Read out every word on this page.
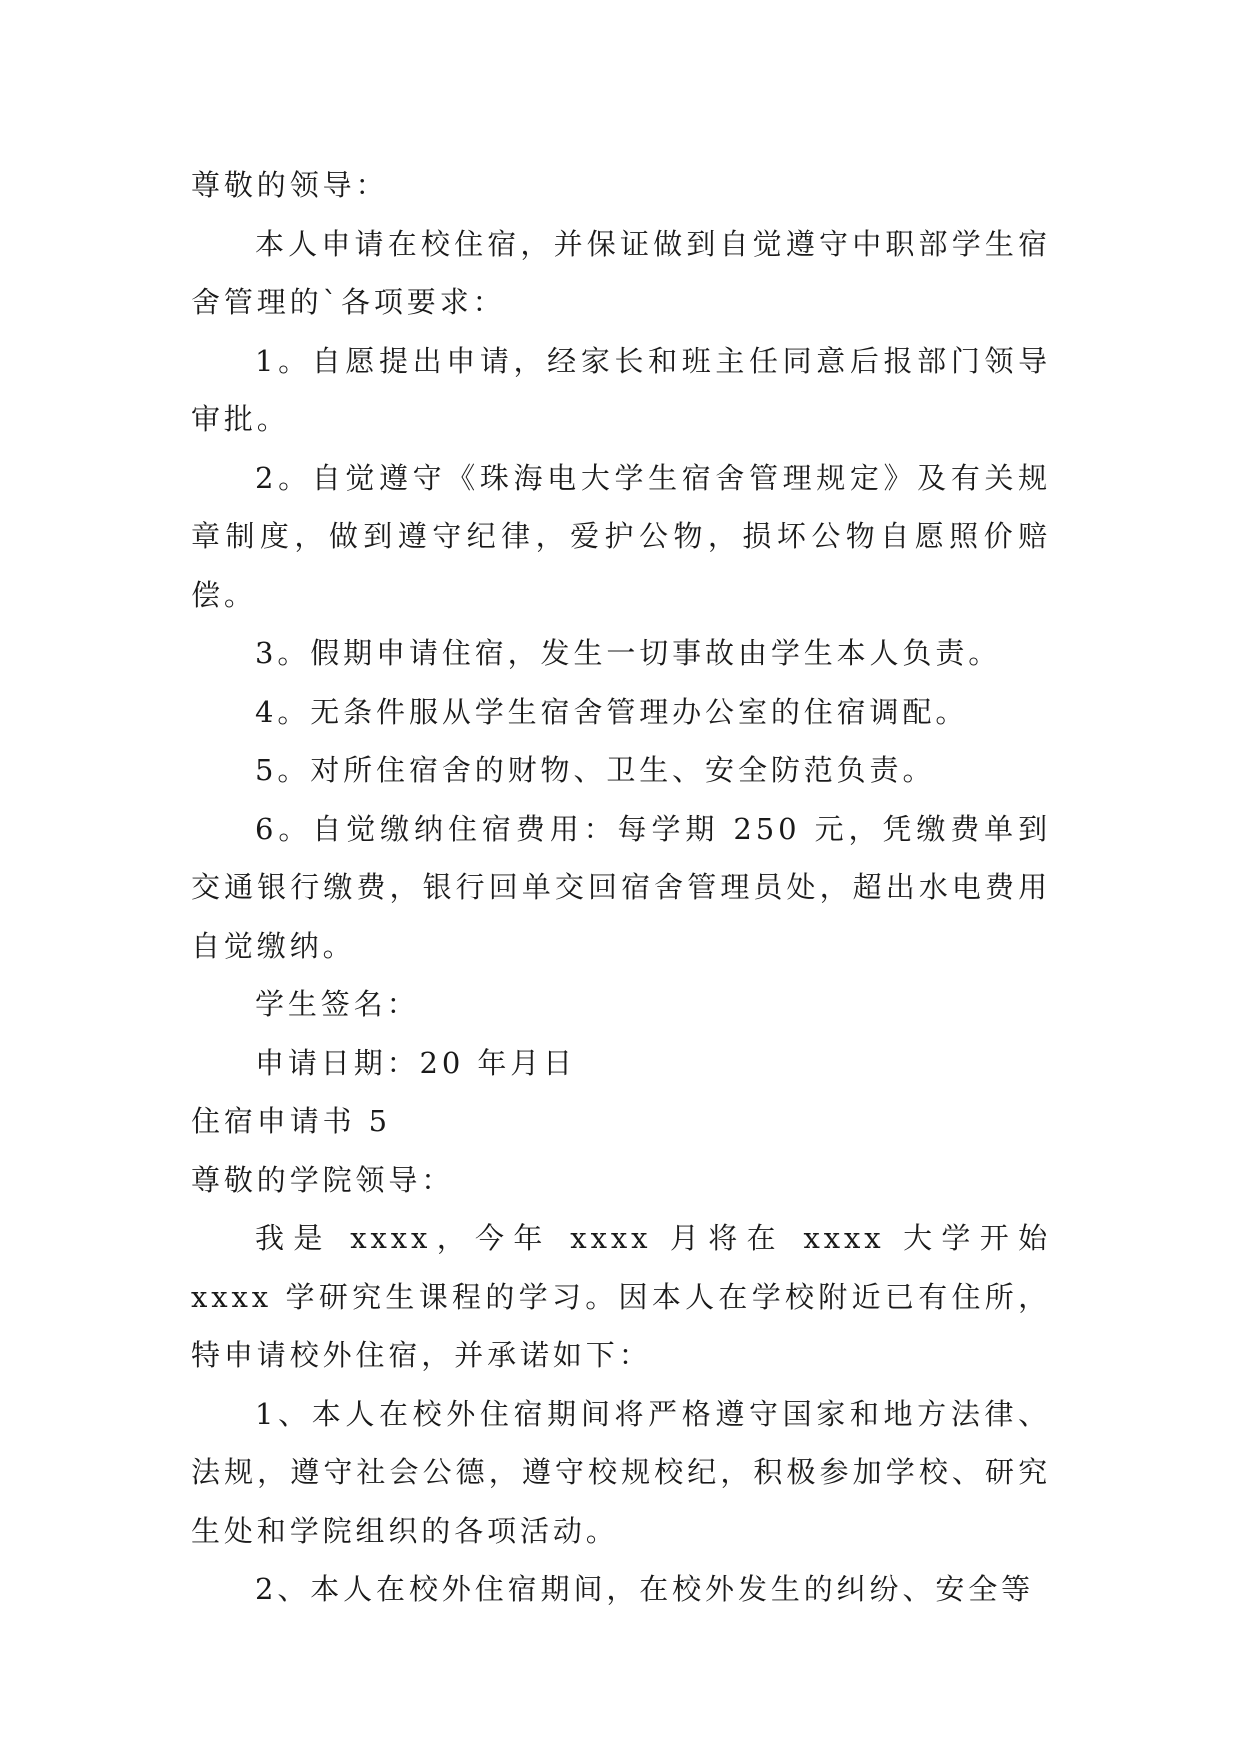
尊敬的领导：

本人申请在校住宿，并保证做到自觉遵守中职部学生宿舍管理的`各项要求：

1。自愿提出申请，经家长和班主任同意后报部门领导审批。

2。自觉遵守《珠海电大学生宿舍管理规定》及有关规章制度，做到遵守纪律，爱护公物，损坏公物自愿照价赔偿。

3。假期申请住宿，发生一切事故由学生本人负责。

4。无条件服从学生宿舍管理办公室的住宿调配。

5。对所住宿舍的财物、卫生、安全防范负责。

6。自觉缴纳住宿费用：每学期 250 元，凭缴费单到交通银行缴费，银行回单交回宿舍管理员处，超出水电费用自觉缴纳。

学生签名：

申请日期：20 年月日

住宿申请书 5

尊敬的学院领导：

我是 xxxx，今年 xxxx 月将在 xxxx 大学开始 xxxx 学研究生课程的学习。因本人在学校附近已有住所，特申请校外住宿，并承诺如下：

1、本人在校外住宿期间将严格遵守国家和地方法律、法规，遵守社会公德，遵守校规校纪，积极参加学校、研究生处和学院组织的各项活动。

2、本人在校外住宿期间，在校外发生的纠纷、安全等
